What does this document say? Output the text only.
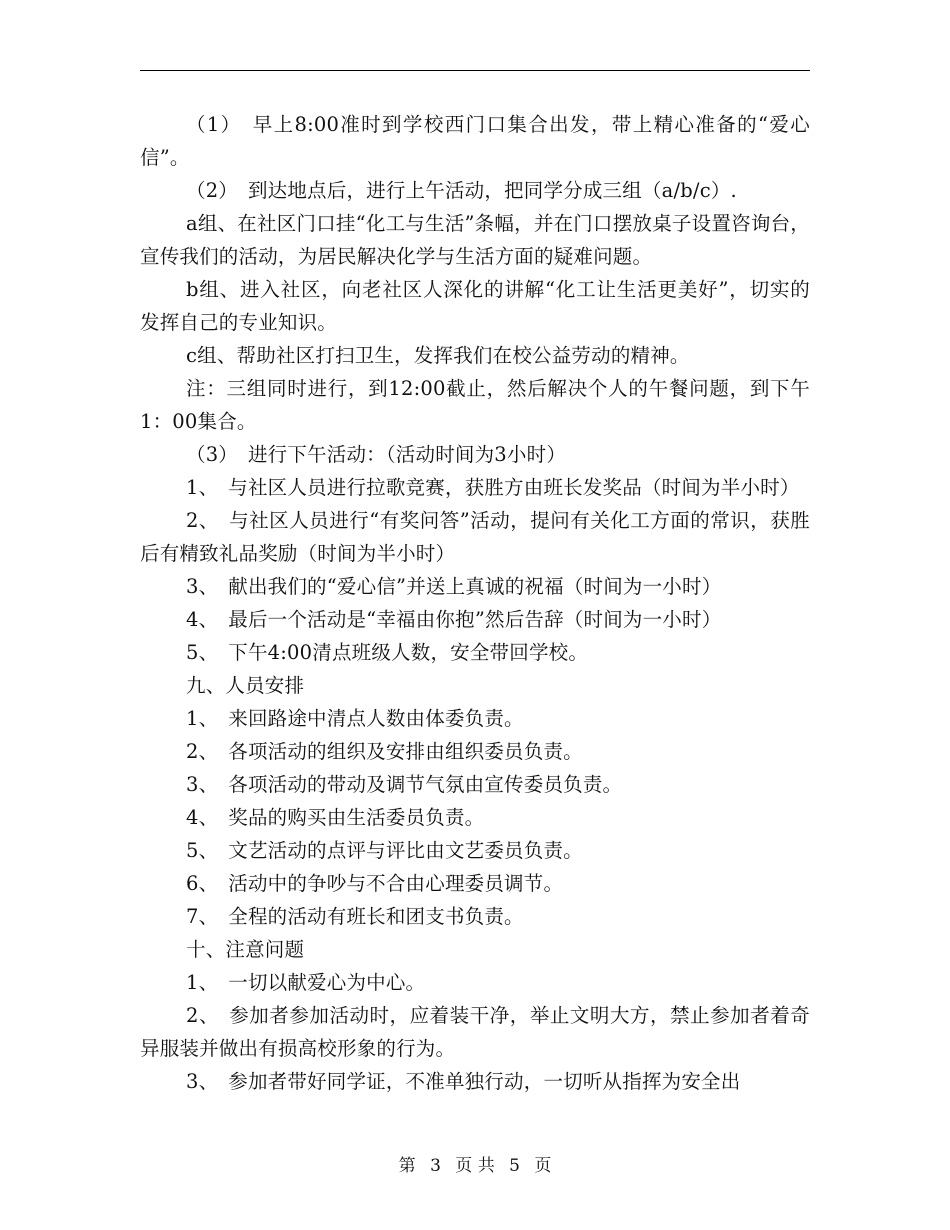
（1）　早上8:00准时到学校西门口集合出发，带上精心准备的“爱心信”。

（2）　到达地点后，进行上午活动，把同学分成三组（a/b/c）.

a组、在社区门口挂“化工与生活”条幅，并在门口摆放桌子设置咨询台，宣传我们的活动，为居民解决化学与生活方面的疑难问题。

b组、进入社区，向老社区人深化的讲解“化工让生活更美好”，切实的发挥自己的专业知识。

c组、帮助社区打扫卫生，发挥我们在校公益劳动的精神。

注：三组同时进行，到12:00截止，然后解决个人的午餐问题，到下午1：00集合。

（3）　进行下午活动：（活动时间为3小时）

1、　与社区人员进行拉歌竞赛，获胜方由班长发奖品（时间为半小时）

2、　与社区人员进行“有奖问答”活动，提问有关化工方面的常识，获胜后有精致礼品奖励（时间为半小时）

3、　献出我们的“爱心信”并送上真诚的祝福（时间为一小时）

4、　最后一个活动是“幸福由你抱”然后告辞（时间为一小时）

5、　下午4:00清点班级人数，安全带回学校。

九、人员安排

1、　来回路途中清点人数由体委负责。

2、　各项活动的组织及安排由组织委员负责。

3、　各项活动的带动及调节气氛由宣传委员负责。

4、　奖品的购买由生活委员负责。

5、　文艺活动的点评与评比由文艺委员负责。

6、　活动中的争吵与不合由心理委员调节。

7、　全程的活动有班长和团支书负责。

十、注意问题

1、　一切以献爱心为中心。

2、　参加者参加活动时，应着装干净，举止文明大方，禁止参加者着奇异服装并做出有损高校形象的行为。

3、　参加者带好同学证，不准单独行动，一切听从指挥为安全出

第 3 页 共 5 页
